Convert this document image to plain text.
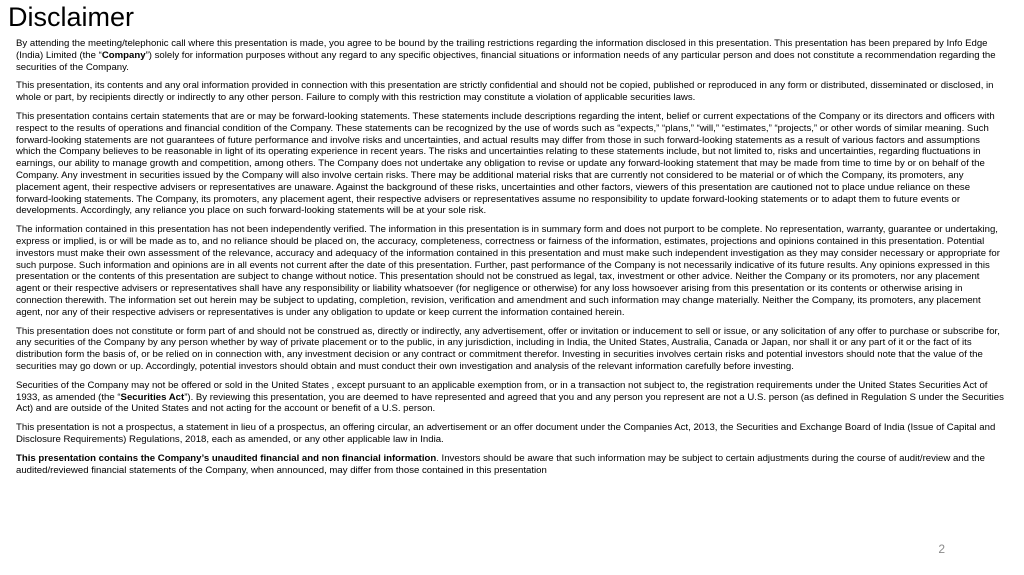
Disclaimer

By attending the meeting/telephonic call where this presentation is made, you agree to be bound by the trailing restrictions regarding the information disclosed in this presentation. This presentation has been prepared by Info Edge (India) Limited (the “Company”) solely for information purposes without any regard to any specific objectives, financial situations or information needs of any particular person and does not constitute a recommendation regarding the securities of the Company.

This presentation, its contents and any oral information provided in connection with this presentation are strictly confidential and should not be copied, published or reproduced in any form or distributed, disseminated or disclosed, in whole or part, by recipients directly or indirectly to any other person. Failure to comply with this restriction may constitute a violation of applicable securities laws.

This presentation contains certain statements that are or may be forward-looking statements. These statements include descriptions regarding the intent, belief or current expectations of the Company or its directors and officers with respect to the results of operations and financial condition of the Company. These statements can be recognized by the use of words such as “expects,” “plans,” “will,” “estimates,” “projects,” or other words of similar meaning. Such forward-looking statements are not guarantees of future performance and involve risks and uncertainties, and actual results may differ from those in such forward-looking statements as a result of various factors and assumptions which the Company believes to be reasonable in light of its operating experience in recent years. The risks and uncertainties relating to these statements include, but not limited to, risks and uncertainties, regarding fluctuations in earnings, our ability to manage growth and competition, among others. The Company does not undertake any obligation to revise or update any forward-looking statement that may be made from time to time by or on behalf of the Company. Any investment in securities issued by the Company will also involve certain risks. There may be additional material risks that are currently not considered to be material or of which the Company, its promoters, any placement agent, their respective advisers or representatives are unaware. Against the background of these risks, uncertainties and other factors, viewers of this presentation are cautioned not to place undue reliance on these forward-looking statements. The Company, its promoters, any placement agent, their respective advisers or representatives assume no responsibility to update forward-looking statements or to adapt them to future events or developments. Accordingly, any reliance you place on such forward-looking statements will be at your sole risk.

The information contained in this presentation has not been independently verified. The information in this presentation is in summary form and does not purport to be complete. No representation, warranty, guarantee or undertaking, express or implied, is or will be made as to, and no reliance should be placed on, the accuracy, completeness, correctness or fairness of the information, estimates, projections and opinions contained in this presentation. Potential investors must make their own assessment of the relevance, accuracy and adequacy of the information contained in this presentation and must make such independent investigation as they may consider necessary or appropriate for such purpose. Such information and opinions are in all events not current after the date of this presentation. Further, past performance of the Company is not necessarily indicative of its future results. Any opinions expressed in this presentation or the contents of this presentation are subject to change without notice. This presentation should not be construed as legal, tax, investment or other advice. Neither the Company or its promoters, nor any placement agent or their respective advisers or representatives shall have any responsibility or liability whatsoever (for negligence or otherwise) for any loss howsoever arising from this presentation or its contents or otherwise arising in connection therewith. The information set out herein may be subject to updating, completion, revision, verification and amendment and such information may change materially. Neither the Company, its promoters, any placement agent, nor any of their respective advisers or representatives is under any obligation to update or keep current the information contained herein.

This presentation does not constitute or form part of and should not be construed as, directly or indirectly, any advertisement, offer or invitation or inducement to sell or issue, or any solicitation of any offer to purchase or subscribe for, any securities of the Company by any person whether by way of private placement or to the public, in any jurisdiction, including in India, the United States, Australia, Canada or Japan, nor shall it or any part of it or the fact of its distribution form the basis of, or be relied on in connection with, any investment decision or any contract or commitment therefor. Investing in securities involves certain risks and potential investors should note that the value of the securities may go down or up. Accordingly, potential investors should obtain and must conduct their own investigation and analysis of the relevant information carefully before investing.

Securities of the Company may not be offered or sold in the United States , except pursuant to an applicable exemption from, or in a transaction not subject to, the registration requirements under the United States Securities Act of 1933, as amended (the “Securities Act”). By reviewing this presentation, you are deemed to have represented and agreed that you and any person you represent are not a U.S. person (as defined in Regulation S under the Securities Act) and are outside of the United States and not acting for the account or benefit of a U.S. person.

This presentation is not a prospectus, a statement in lieu of a prospectus, an offering circular, an advertisement or an offer document under the Companies Act, 2013, the Securities and Exchange Board of India (Issue of Capital and Disclosure Requirements) Regulations, 2018, each as amended, or any other applicable law in India.

This presentation contains the Company’s unaudited financial and non financial information. Investors should be aware that such information may be subject to certain adjustments during the course of audit/review and the audited/reviewed financial statements of the Company, when announced, may differ from those contained in this presentation

2
